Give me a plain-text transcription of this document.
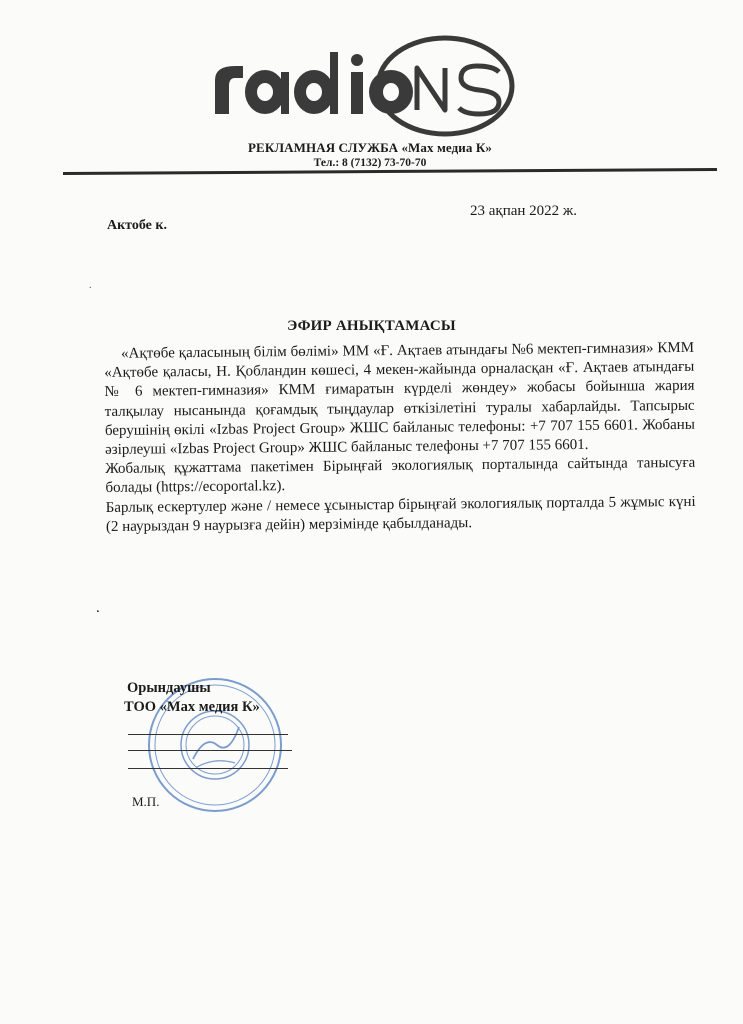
РЕКЛАМНАЯ СЛУЖБА «Max медиа К»
Тел.: 8 (7132) 73-70-70
23 ақпан 2022 ж.
Актобе к.
.
ЭФИР АНЫҚТАМАСЫ

«Ақтөбе қаласының білім бөлімі» ММ «Ғ. Ақтаев атындағы №6 мектеп-гимназия» КММ «Ақтөбе қаласы, Н. Қобландин көшесі, 4 мекен-жайында орналасқан «Ғ. Ақтаев атындағы № 6 мектеп-гимназия» КММ ғимаратын күрделі жөндеу» жобасы бойынша жария талқылау нысанында қоғамдық тыңдаулар өткізілетіні туралы хабарлайды. Тапсырыс берушінің өкілі «Izbas Project Group» ЖШС байланыс телефоны: +7 707 155 6601. Жобаны әзірлеуші «Izbas Project Group» ЖШС байланыс телефоны +7 707 155 6601.

Жобалық құжаттама пакетімен Бірыңғай экологиялық порталында сайтында танысуға болады (https://ecoportal.kz).

Барлық ескертулер және / немесе ұсыныстар бірыңғай экологиялық порталда 5 жұмыс күні (2 наурыздан 9 наурызға дейін) мерзімінде қабылданады.

.
Орындаушы
ТОО «Max медия К»
М.П.
